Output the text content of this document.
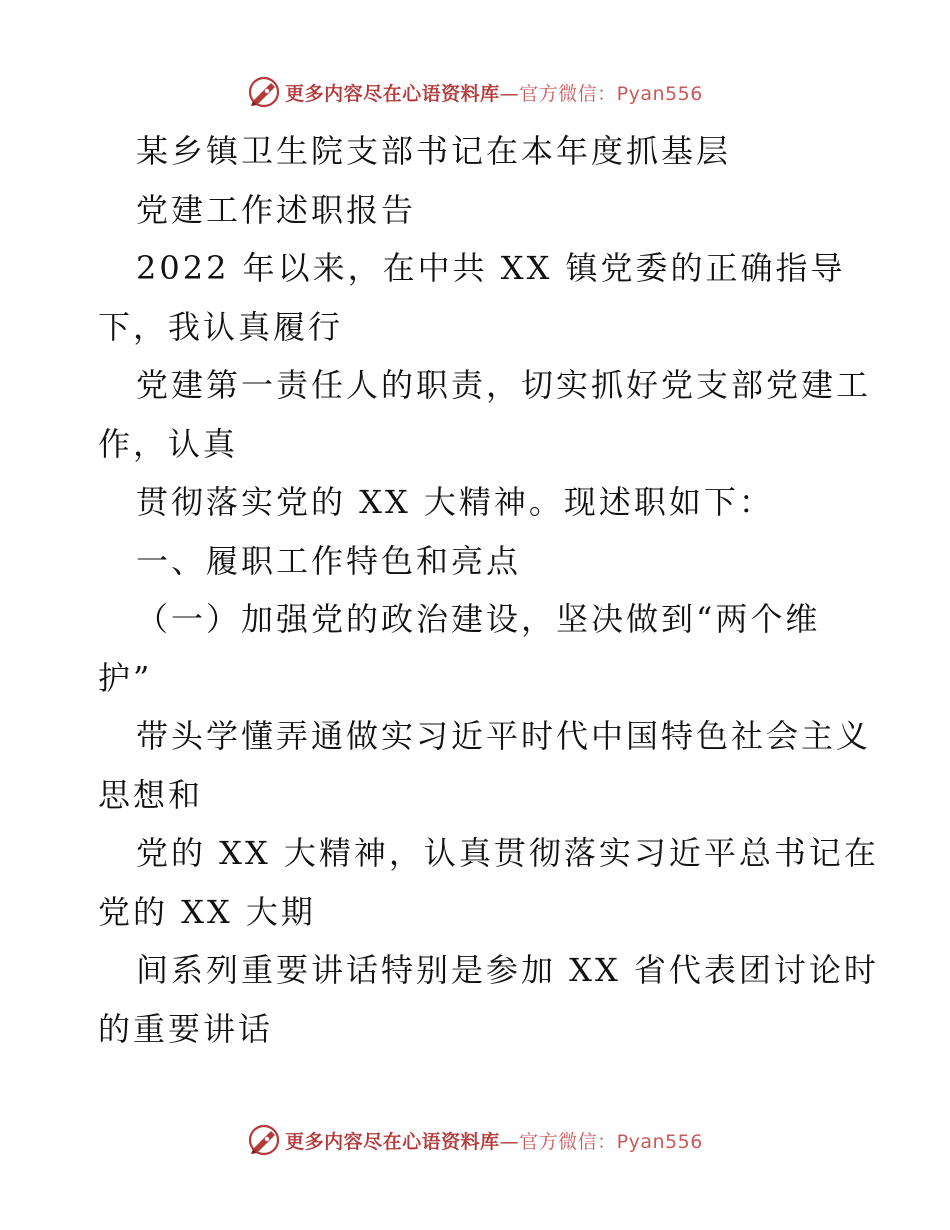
更多内容尽在心语资料库—官方微信：Pyan556
某乡镇卫生院支部书记在本年度抓基层
党建工作述职报告
2022 年以来，在中共 XX 镇党委的正确指导
下，我认真履行
党建第一责任人的职责，切实抓好党支部党建工
作，认真
贯彻落实党的 XX 大精神。现述职如下：
一、履职工作特色和亮点
（一）加强党的政治建设，坚决做到“两个维
护”
带头学懂弄通做实习近平时代中国特色社会主义
思想和
党的 XX 大精神，认真贯彻落实习近平总书记在
党的 XX 大期
间系列重要讲话特别是参加 XX 省代表团讨论时
的重要讲话
更多内容尽在心语资料库—官方微信：Pyan556
